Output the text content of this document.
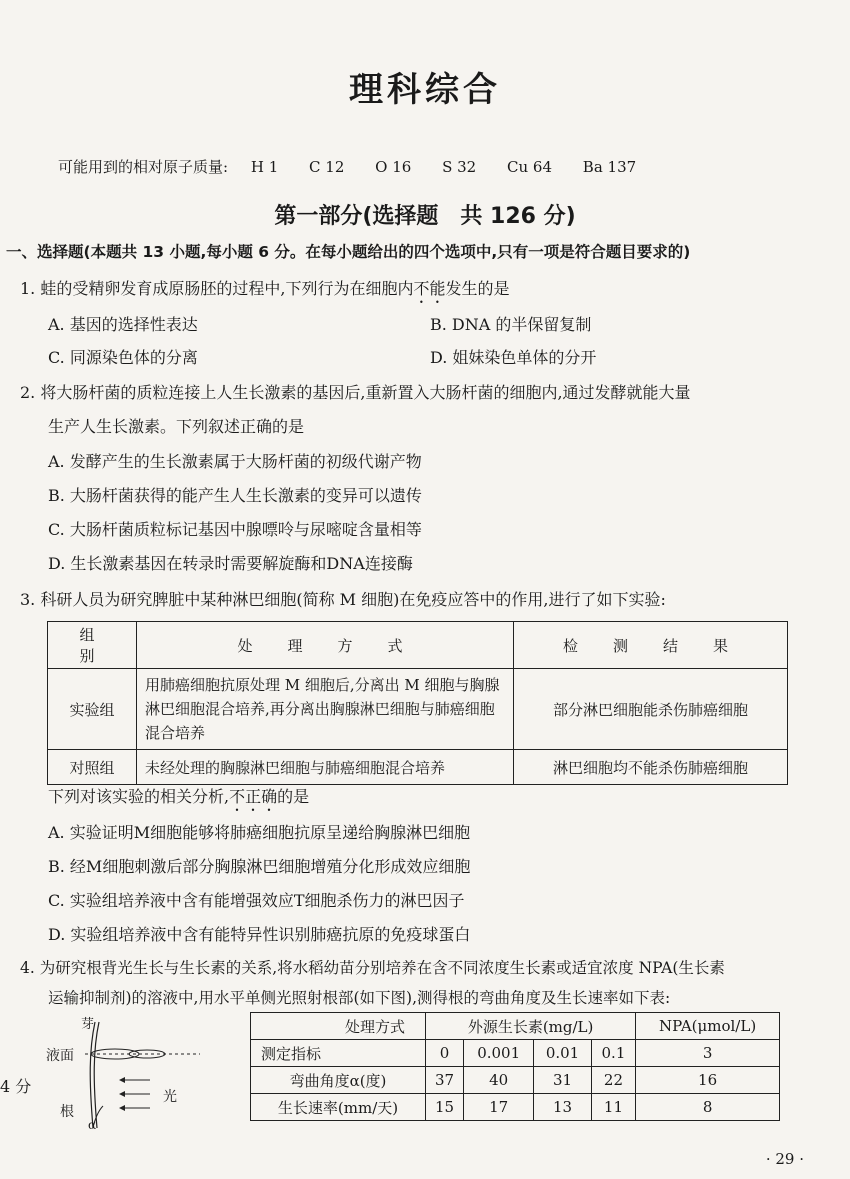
理科综合
可能用到的相对原子质量: H 1 C 12 O 16 S 32 Cu 64 Ba 137
第一部分(选择题　共 126 分)
一、选择题(本题共 13 小题,每小题 6 分。在每小题给出的四个选项中,只有一项是符合题目要求的)
1. 蛙的受精卵发育成原肠胚的过程中,下列行为在细胞内不能发生的是
A. 基因的选择性表达	B. DNA 的半保留复制
C. 同源染色体的分离	D. 姐妹染色单体的分开
2. 将大肠杆菌的质粒连接上人生长激素的基因后,重新置入大肠杆菌的细胞内,通过发酵就能大量
生产人生长激素。下列叙述正确的是
A. 发酵产生的生长激素属于大肠杆菌的初级代谢产物
B. 大肠杆菌获得的能产生人生长激素的变异可以遗传
C. 大肠杆菌质粒标记基因中腺嘌呤与尿嘧啶含量相等
D. 生长激素基因在转录时需要解旋酶和DNA连接酶
3. 科研人员为研究脾脏中某种淋巴细胞(简称 M 细胞)在免疫应答中的作用,进行了如下实验:
组　别	处　理　方　式	检　测　结　果
实验组	用肺癌细胞抗原处理 M 细胞后,分离出 M 细胞与胸腺淋巴细胞混合培养,再分离出胸腺淋巴细胞与肺癌细胞混合培养	部分淋巴细胞能杀伤肺癌细胞
对照组	未经处理的胸腺淋巴细胞与肺癌细胞混合培养	淋巴细胞均不能杀伤肺癌细胞
下列对该实验的相关分析,不正确的是
A. 实验证明M细胞能够将肺癌细胞抗原呈递给胸腺淋巴细胞
B. 经M细胞刺激后部分胸腺淋巴细胞增殖分化形成效应细胞
C. 实验组培养液中含有能增强效应T细胞杀伤力的淋巴因子
D. 实验组培养液中含有能特异性识别肺癌抗原的免疫球蛋白
4. 为研究根背光生长与生长素的关系,将水稻幼苗分别培养在含不同浓度生长素或适宜浓度 NPA(生长素
运输抑制剂)的溶液中,用水平单侧光照射根部(如下图),测得根的弯曲角度及生长速率如下表:
芽
液面
光
根
α
处理方式	外源生长素(mg/L)				NPA(μmol/L)
测定指标	0	0.001	0.01	0.1	3
弯曲角度α(度)	37	40	31	22	16
生长速率(mm/天)	15	17	13	11	8
4 分
· 29 ·
